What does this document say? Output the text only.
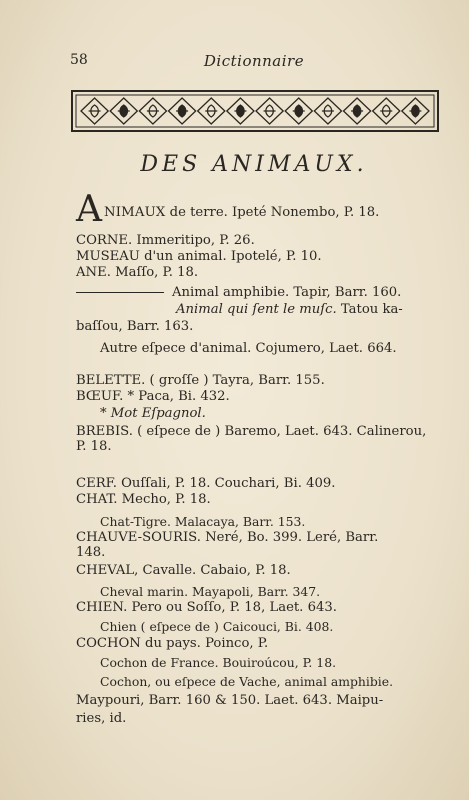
58	Dictionnaire
DES ANIMAUX.
ANIMAUX de terre. Ipeté Nonembo, P. 18.
CORNE. Immeritipo, P. 26.
MUSEAU d'un animal. Ipotelé, P. 10.
ANE. Maſſo, P. 18.
Animal amphibie. Tapir, Barr. 160.
Animal qui ſent le muſc. Tatou ka-
baſſou, Barr. 163.
Autre eſpece d'animal. Cojumero, Laet. 664.
BELETTE. ( groſſe ) Tayra, Barr. 155.
BŒUF. * Paca, Bi. 432.
* Mot Eſpagnol.
BREBIS. ( eſpece de ) Baremo, Laet. 643. Calinerou,
P. 18.
CERF. Ouſſali, P. 18. Couchari, Bi. 409.
CHAT. Mecho, P. 18.
Chat-Tigre. Malacaya, Barr. 153.
CHAUVE-SOURIS. Neré, Bo. 399. Leré, Barr.
148.
CHEVAL, Cavalle. Cabaio, P. 18.
Cheval marin. Mayapoli, Barr. 347.
CHIEN. Pero ou Soſſo, P. 18, Laet. 643.
Chien ( eſpece de ) Caicouci, Bi. 408.
COCHON du pays. Poinco, P.
Cochon de France. Bouiroúcou, P. 18.
Cochon, ou eſpece de Vache, animal amphibie.
Maypouri, Barr. 160 & 150. Laet. 643. Maipu-
ries, id.
